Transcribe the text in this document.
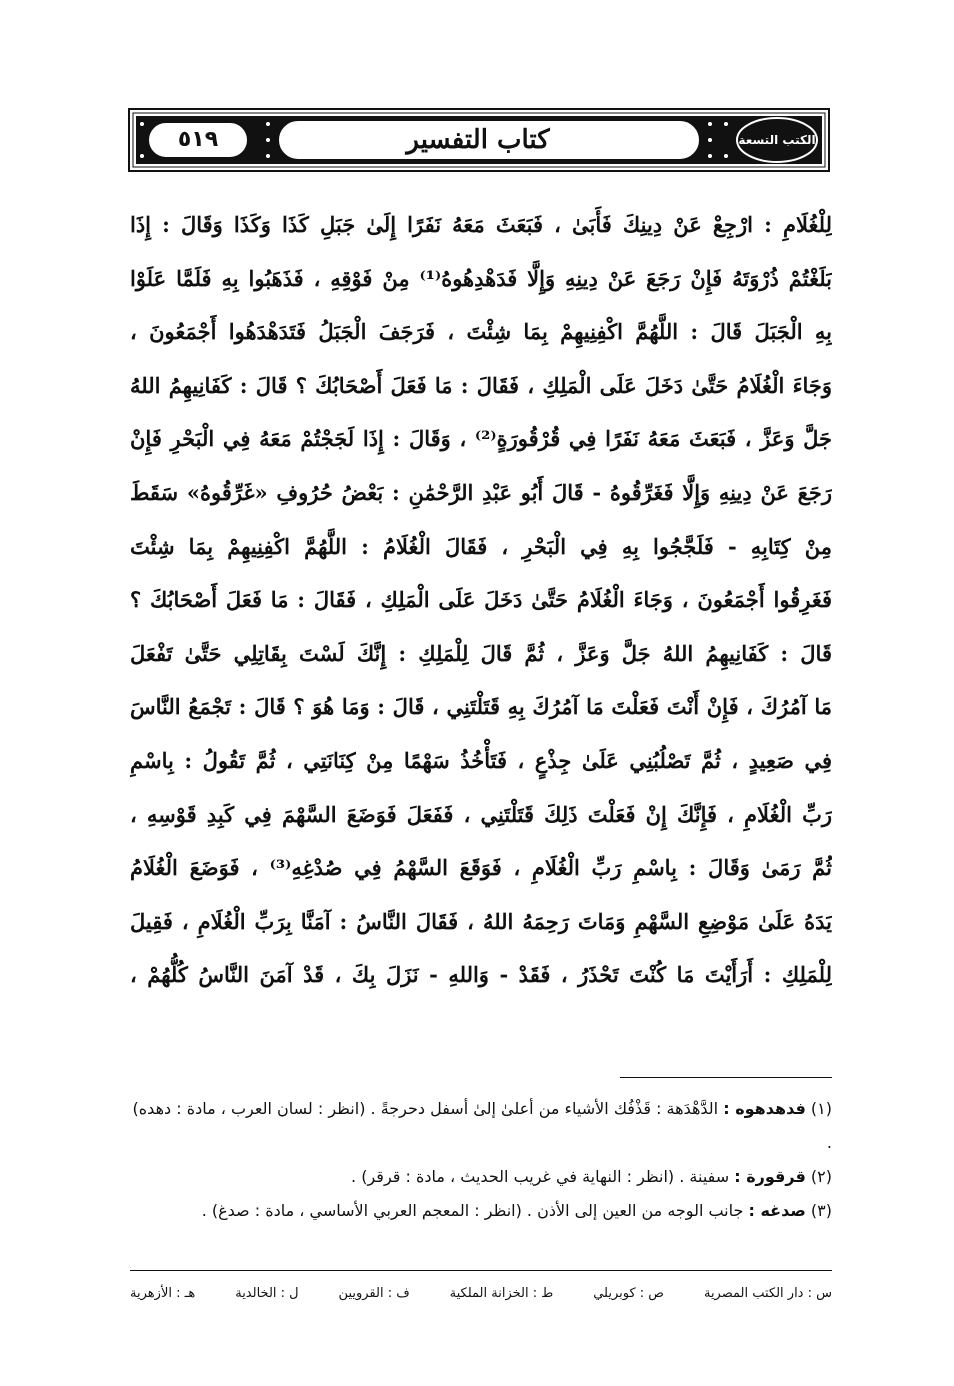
٥١٩	كتاب التفسير	الكتب التسعة
لِلْغُلَامِ : ارْجِعْ عَنْ دِينِكَ فَأَبَىٰ ، فَبَعَثَ مَعَهُ نَفَرًا إِلَىٰ جَبَلِ كَذَا وَكَذَا وَقَالَ : إِذَا
بَلَغْتُمْ ذُرْوَتَهُ فَإِنْ رَجَعَ عَنْ دِينِهِ وَإِلَّا فَدَهْدِهُوهُ⁽¹⁾ مِنْ فَوْقِهِ ، فَذَهَبُوا بِهِ فَلَمَّا عَلَوْا
بِهِ الْجَبَلَ قَالَ : اللَّهُمَّ اكْفِنِيهِمْ بِمَا شِئْتَ ، فَرَجَفَ الْجَبَلُ فَتَدَهْدَهُوا أَجْمَعُونَ ،
وَجَاءَ الْغُلَامُ حَتَّىٰ دَخَلَ عَلَى الْمَلِكِ ، فَقَالَ : مَا فَعَلَ أَصْحَابُكَ ؟ قَالَ : كَفَانِيهِمُ اللهُ
جَلَّ وَعَزَّ ، فَبَعَثَ مَعَهُ نَفَرًا فِي قُرْقُورَةٍ⁽²⁾ ، وَقَالَ : إِذَا لَجَجْتُمْ مَعَهُ فِي الْبَحْرِ فَإِنْ
رَجَعَ عَنْ دِينِهِ وَإِلَّا فَغَرِّقُوهُ - قَالَ أَبُو عَبْدِ الرَّحْمَٰنِ : بَعْضُ حُرُوفِ «غَرِّقُوهُ» سَقَطَ
مِنْ كِتَابِهِ - فَلَجَّجُوا بِهِ فِي الْبَحْرِ ، فَقَالَ الْغُلَامُ : اللَّهُمَّ اكْفِنِيهِمْ بِمَا شِئْتَ
فَغَرِقُوا أَجْمَعُونَ ، وَجَاءَ الْغُلَامُ حَتَّىٰ دَخَلَ عَلَى الْمَلِكِ ، فَقَالَ : مَا فَعَلَ أَصْحَابُكَ ؟
قَالَ : كَفَانِيهِمُ اللهُ جَلَّ وَعَزَّ ، ثُمَّ قَالَ لِلْمَلِكِ : إِنَّكَ لَسْتَ بِقَاتِلِي حَتَّىٰ تَفْعَلَ
مَا آمُرُكَ ، فَإِنْ أَنْتَ فَعَلْتَ مَا آمُرُكَ بِهِ قَتَلْتَنِي ، قَالَ : وَمَا هُوَ ؟ قَالَ : تَجْمَعُ النَّاسَ
فِي صَعِيدٍ ، ثُمَّ تَصْلُبُنِي عَلَىٰ جِذْعٍ ، فَتَأْخُذُ سَهْمًا مِنْ كِنَانَتِي ، ثُمَّ تَقُولُ : بِاسْمِ
رَبِّ الْغُلَامِ ، فَإِنَّكَ إِنْ فَعَلْتَ ذَلِكَ قَتَلْتَنِي ، فَفَعَلَ فَوَضَعَ السَّهْمَ فِي كَبِدِ قَوْسِهِ ،
ثُمَّ رَمَىٰ وَقَالَ : بِاسْمِ رَبِّ الْغُلَامِ ، فَوَقَعَ السَّهْمُ فِي صُدْغِهِ⁽³⁾ ، فَوَضَعَ الْغُلَامُ
يَدَهُ عَلَىٰ مَوْضِعِ السَّهْمِ وَمَاتَ رَحِمَهُ اللهُ ، فَقَالَ النَّاسُ : آمَنَّا بِرَبِّ الْغُلَامِ ، فَقِيلَ
لِلْمَلِكِ : أَرَأَيْتَ مَا كُنْتَ تَحْذَرُ ، فَقَدْ - وَاللهِ - نَزَلَ بِكَ ، قَدْ آمَنَ النَّاسُ كُلُّهُمْ ،
(١) فدهدهوه : الدَّهْدَهة : قَذْفُك الأشياء من أعلىٰ إلىٰ أسفل دحرجةً . (انظر : لسان العرب ، مادة : دهده) .
(٢) قرقورة : سفينة . (انظر : النهاية في غريب الحديث ، مادة : قرقر) .
(٣) صدغه : جانب الوجه من العين إلى الأذن . (انظر : المعجم العربي الأساسي ، مادة : صدغ) .
س : دار الكتب المصرية
ص : كوبريلي
ط : الخزانة الملكية
ف : القرويين
ل : الخالدية
هـ : الأزهرية
